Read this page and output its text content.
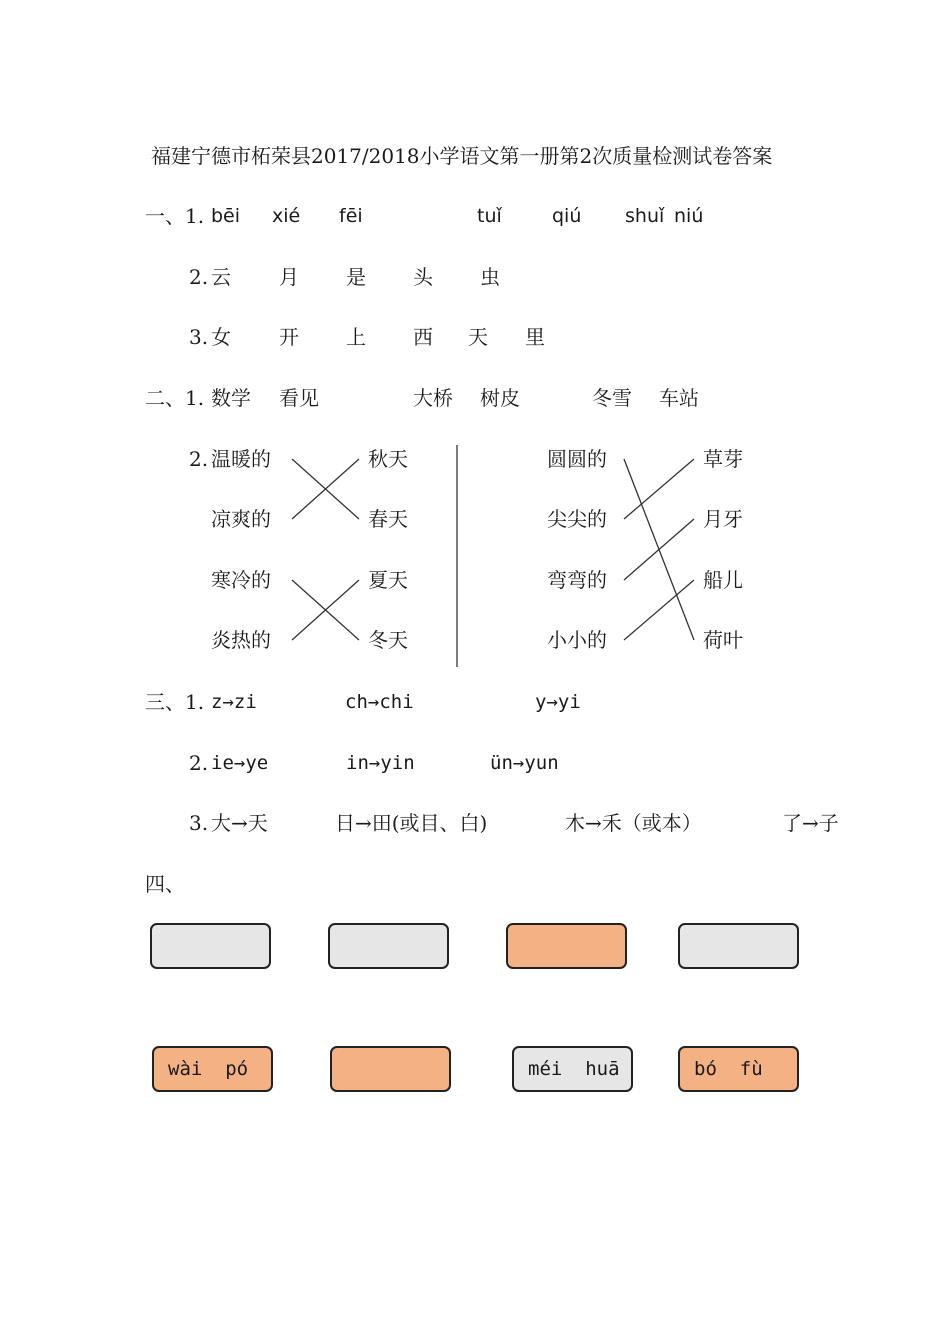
福建宁德市柘荣县2017/2018小学语文第一册第2次质量检测试卷答案
一、1. bēi xié fēi	tuǐ	qiú shuǐ niú
2. 云 月 是 头 虫
3. 女 开 上 西 天 里
二、1. 数学 看见	大桥 树皮	冬雪 车站
2. 温暖的
凉爽的
寒冷的
炎热的
秋天
春天
夏天
冬天
圆圆的
尖尖的
弯弯的
小小的
草芽
月牙
船儿
荷叶
三、1. z→zi	ch→chi	y→yi
2. ie→ye	in→yin	ün→yun
3. 大→天	日→田(或目、白)	木→禾（或本）	了→子
四、
wài  pó	méi  huā	bó  fù
